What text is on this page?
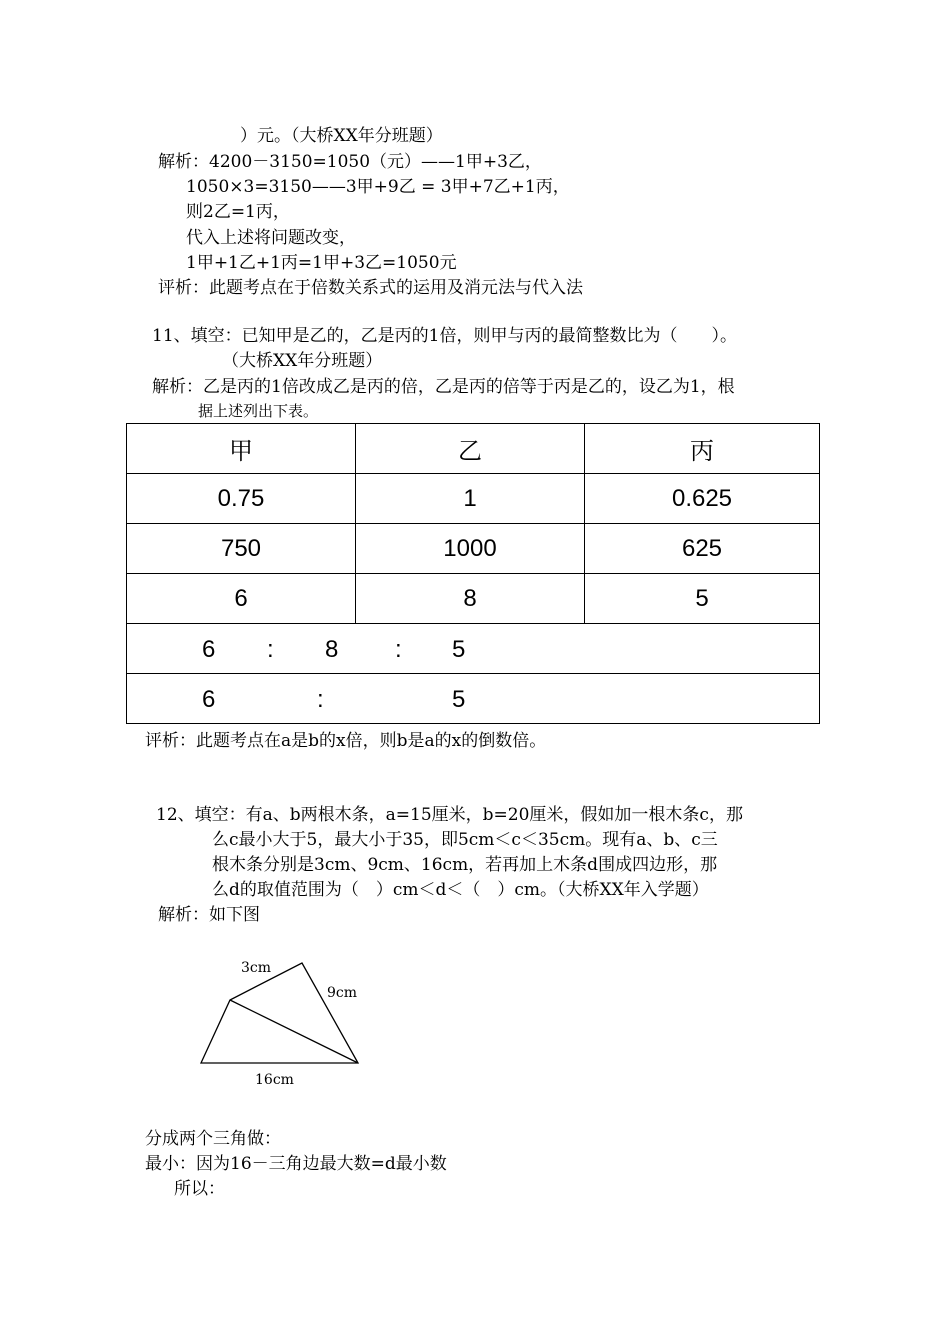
）元。（大桥XX年分班题）
解析：4200－3150=1050（元）——1甲+3乙，
1050×3=3150——3甲+9乙 = 3甲+7乙+1丙，
则2乙=1丙，
代入上述将问题改变，
1甲+1乙+1丙=1甲+3乙=1050元
评析：此题考点在于倍数关系式的运用及消元法与代入法
11、填空：已知甲是乙的，乙是丙的1倍，则甲与丙的最简整数比为（　　）。
（大桥XX年分班题）
解析：乙是丙的1倍改成乙是丙的倍，乙是丙的倍等于丙是乙的，设乙为1，根
据上述列出下表。
甲	乙	丙
0.75	1	0.625
750	1000	625
6	8	5

6 : 8 : 5		

6 : 5		
评析：此题考点在a是b的x倍，则b是a的x的倒数倍。
12、填空：有a、b两根木条，a=15厘米，b=20厘米，假如加一根木条c，那
么c最小大于5，最大小于35，即5cm＜c＜35cm。现有a、b、c三
根木条分别是3cm、9cm、16cm，若再加上木条d围成四边形，那
么d的取值范围为（　）cm＜d＜（　）cm。（大桥XX年入学题）
解析：如下图
3cm
9cm
16cm
分成两个三角做：
最小：因为16－三角边最大数=d最小数
所以：
